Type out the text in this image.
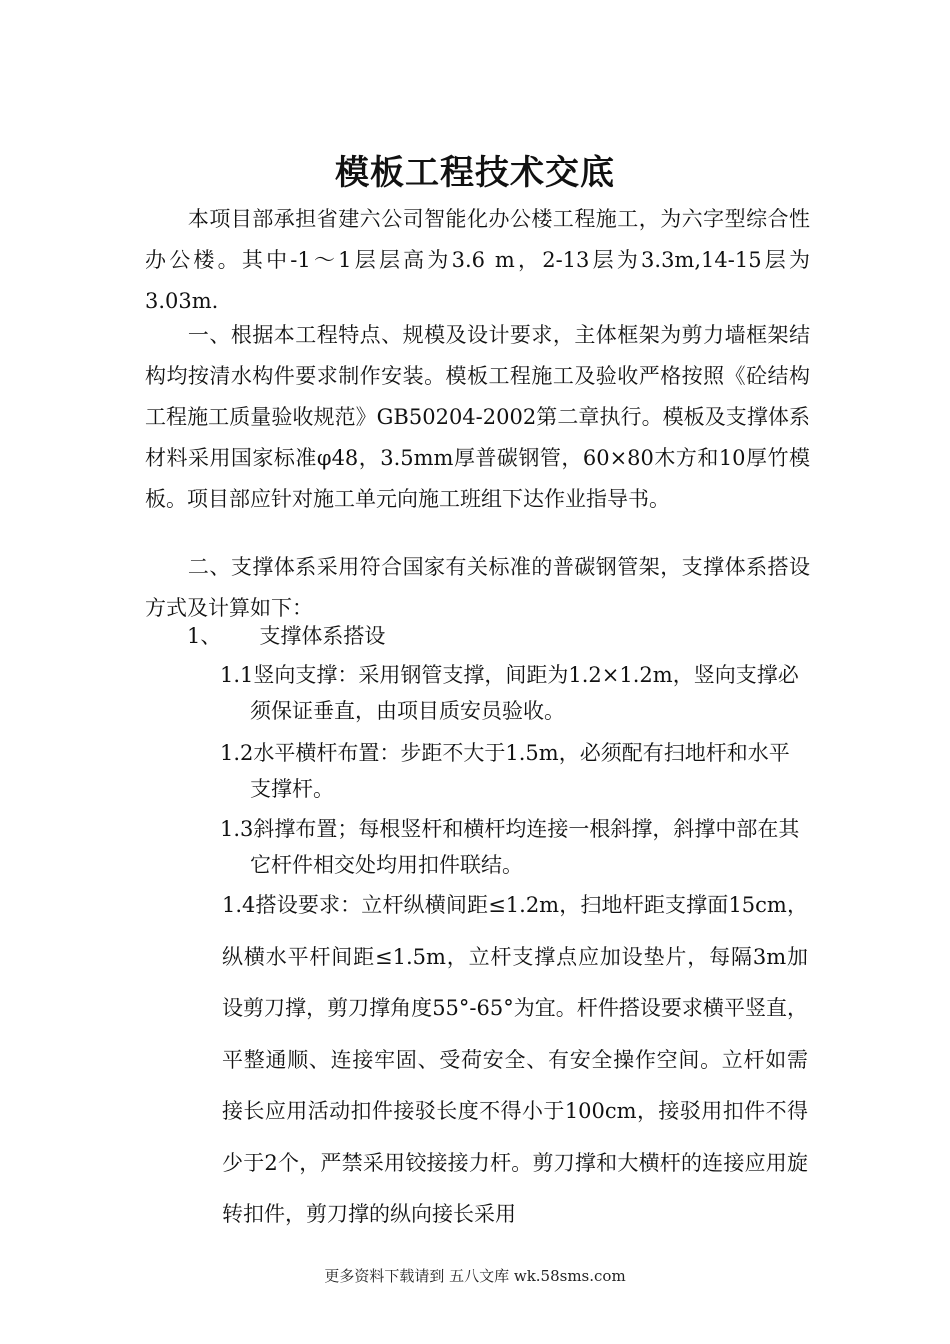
模板工程技术交底

　　本项目部承担省建六公司智能化办公楼工程施工，为六字型综合性办公楼。其中-1～1层层高为3.6 m，2-13层为3.3m,14-15层为3.03m.

　　一、根据本工程特点、规模及设计要求，主体框架为剪力墙框架结构均按清水构件要求制作安装。模板工程施工及验收严格按照《砼结构工程施工质量验收规范》GB50204-2002第二章执行。模板及支撑体系材料采用国家标准φ48，3.5mm厚普碳钢管，60×80木方和10厚竹模板。项目部应针对施工单元向施工班组下达作业指导书。

　　二、支撑体系采用符合国家有关标准的普碳钢管架，支撑体系搭设方式及计算如下：

1、 支撑体系搭设

1.1竖向支撑：采用钢管支撑，间距为1.2×1.2m，竖向支撑必须保证垂直，由项目质安员验收。

1.2水平横杆布置：步距不大于1.5m，必须配有扫地杆和水平支撑杆。

1.3斜撑布置；每根竖杆和横杆均连接一根斜撑，斜撑中部在其它杆件相交处均用扣件联结。

1.4搭设要求：立杆纵横间距≤1.2m，扫地杆距支撑面15cm，纵横水平杆间距≤1.5m，立杆支撑点应加设垫片，每隔3m加设剪刀撑，剪刀撑角度55°-65°为宜。杆件搭设要求横平竖直，平整通顺、连接牢固、受荷安全、有安全操作空间。立杆如需接长应用活动扣件接驳长度不得小于100cm，接驳用扣件不得少于2个，严禁采用铰接接力杆。剪刀撑和大横杆的连接应用旋转扣件，剪刀撑的纵向接长采用

更多资料下载请到 五八文库 wk.58sms.com
